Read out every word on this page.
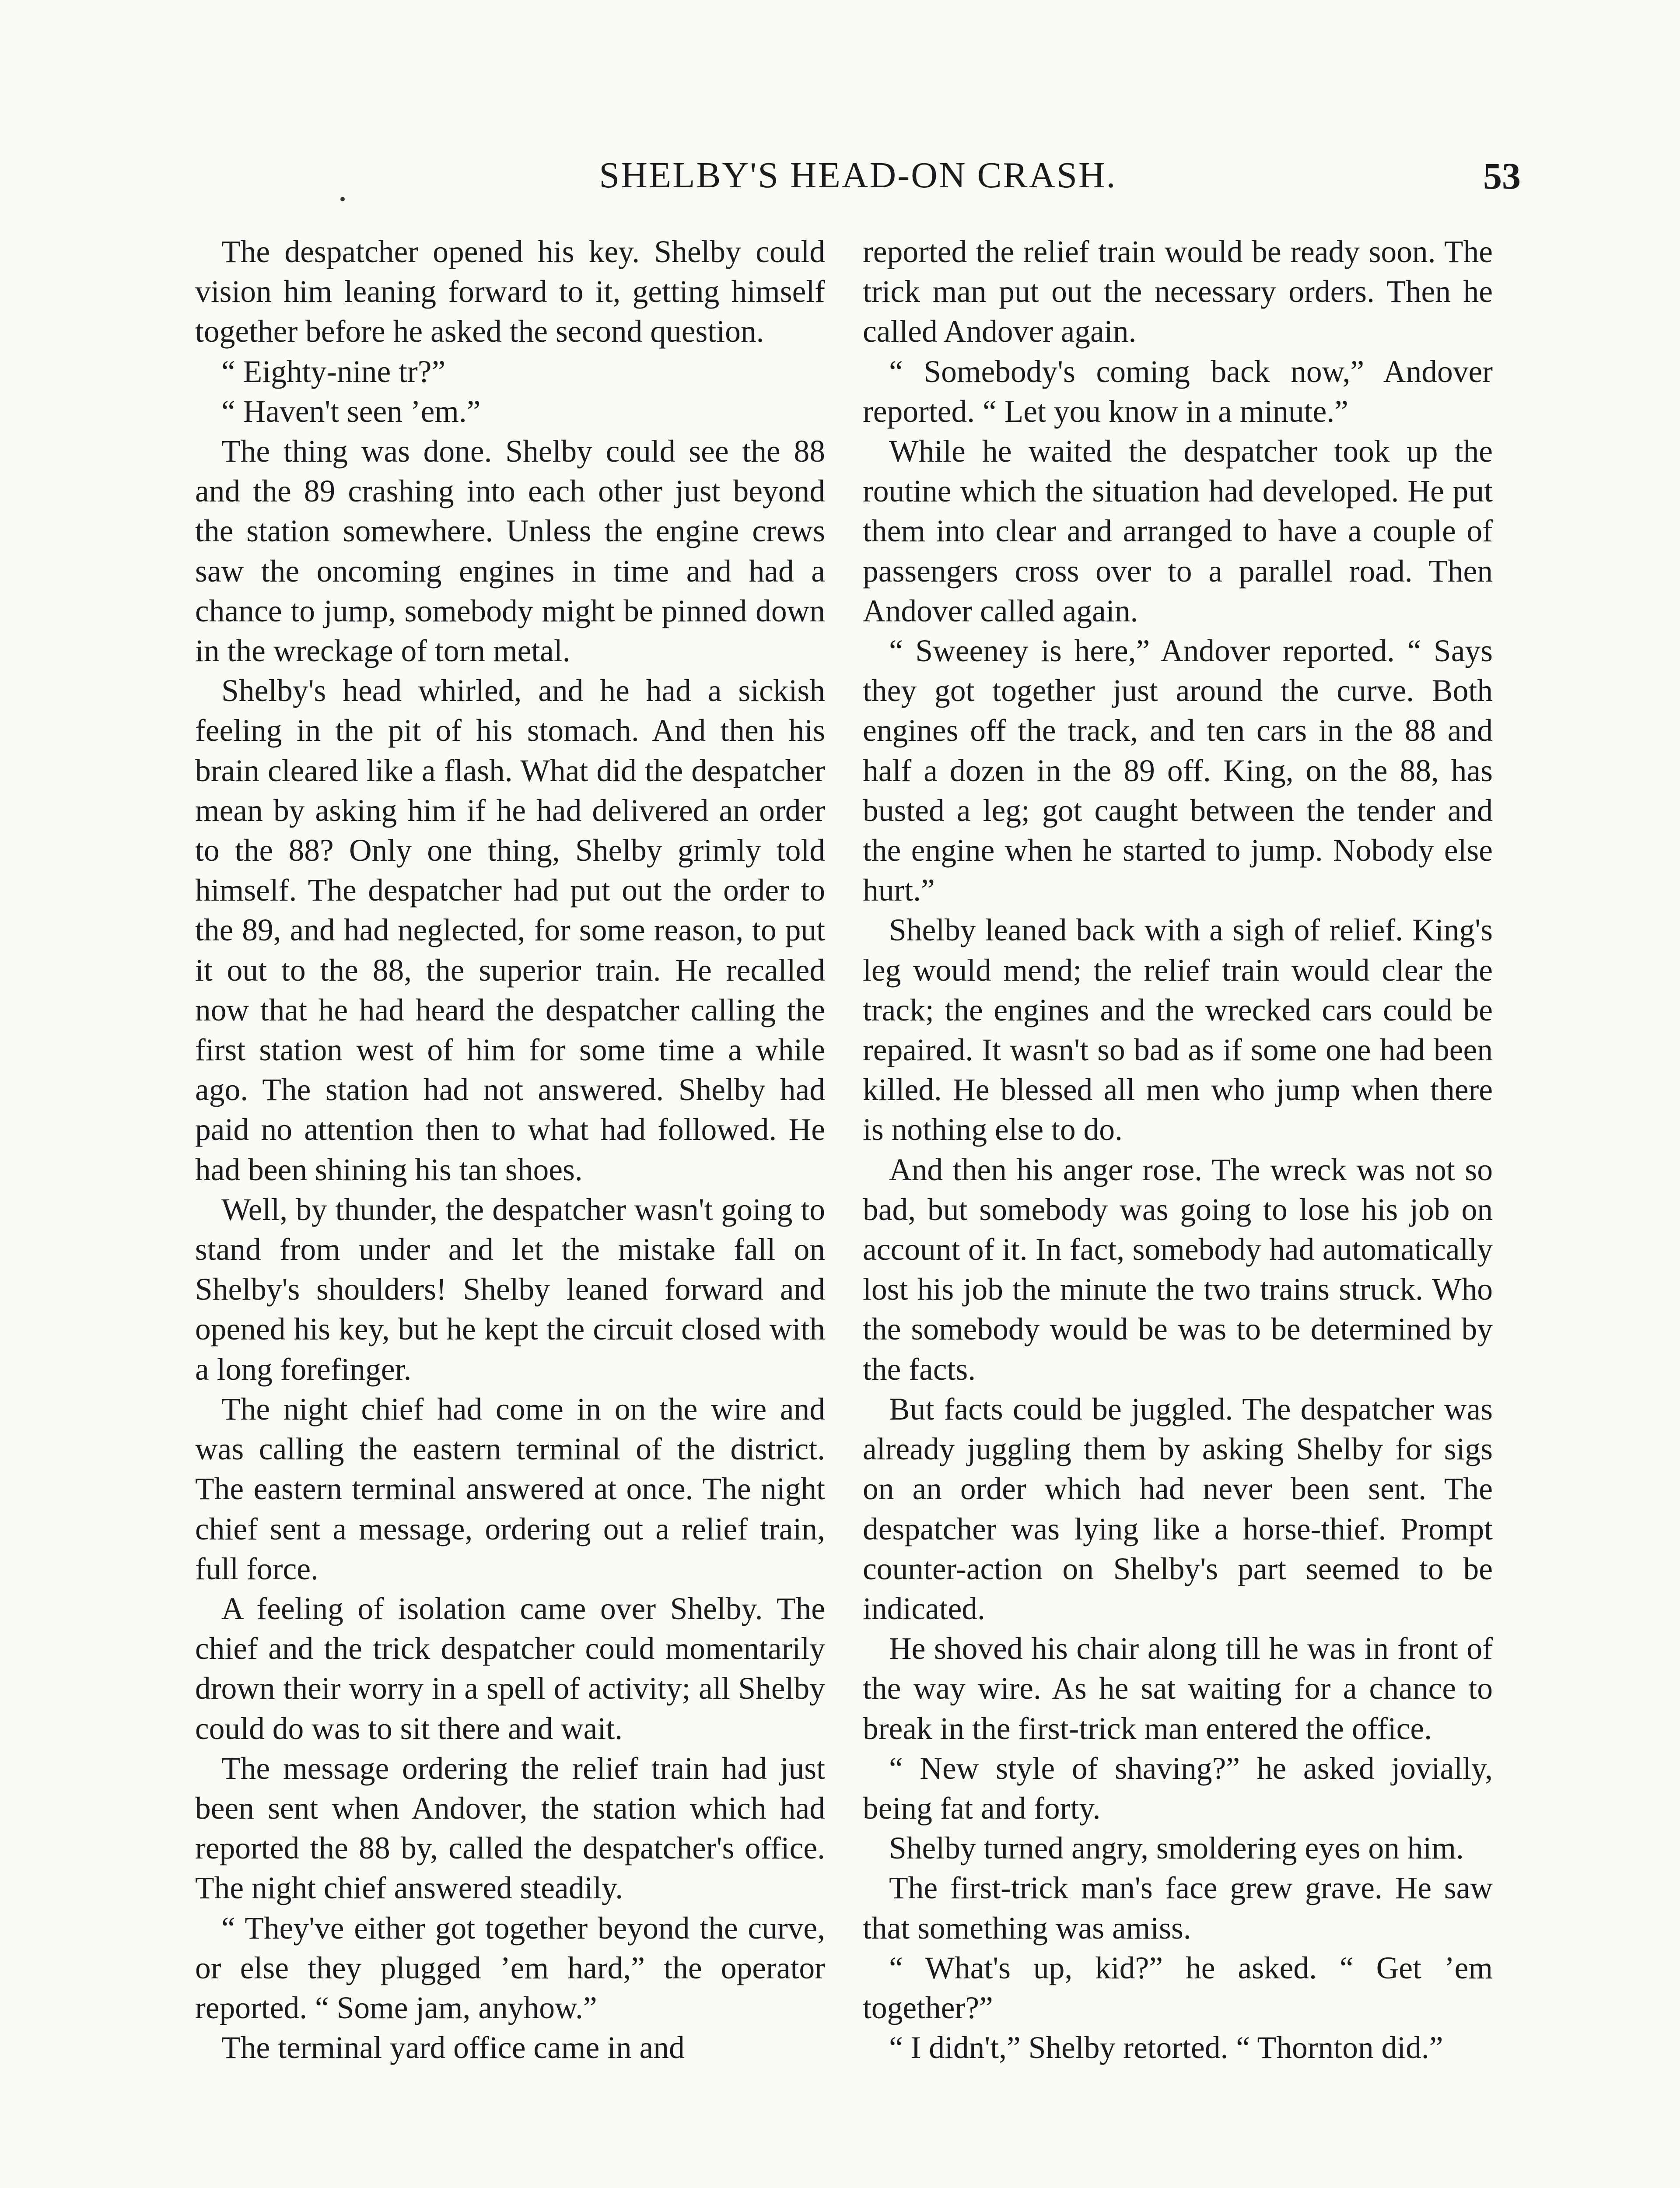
SHELBY'S HEAD-ON CRASH.	53

The despatcher opened his key. Shelby could vision him leaning forward to it, getting himself together before he asked the second question.

“ Eighty-nine tr?”

“ Haven't seen ’em.”

The thing was done. Shelby could see the 88 and the 89 crashing into each other just beyond the station somewhere. Unless the engine crews saw the oncoming engines in time and had a chance to jump, somebody might be pinned down in the wreckage of torn metal.

Shelby's head whirled, and he had a sickish feeling in the pit of his stomach. And then his brain cleared like a flash. What did the despatcher mean by asking him if he had delivered an order to the 88? Only one thing, Shelby grimly told himself. The despatcher had put out the order to the 89, and had neglected, for some reason, to put it out to the 88, the superior train. He recalled now that he had heard the despatcher calling the first station west of him for some time a while ago. The station had not answered. Shelby had paid no attention then to what had followed. He had been shining his tan shoes.

Well, by thunder, the despatcher wasn't going to stand from under and let the mistake fall on Shelby's shoulders! Shelby leaned forward and opened his key, but he kept the circuit closed with a long forefinger.

The night chief had come in on the wire and was calling the eastern terminal of the district. The eastern terminal answered at once. The night chief sent a message, ordering out a relief train, full force.

A feeling of isolation came over Shelby. The chief and the trick despatcher could momentarily drown their worry in a spell of activity; all Shelby could do was to sit there and wait.

The message ordering the relief train had just been sent when Andover, the station which had reported the 88 by, called the despatcher's office. The night chief answered steadily.

“ They've either got together beyond the curve, or else they plugged ’em hard,” the operator reported. “ Some jam, anyhow.”

The terminal yard office came in and

reported the relief train would be ready soon. The trick man put out the necessary orders. Then he called Andover again.

“ Somebody's coming back now,” Andover reported. “ Let you know in a minute.”

While he waited the despatcher took up the routine which the situation had developed. He put them into clear and arranged to have a couple of passengers cross over to a parallel road. Then Andover called again.

“ Sweeney is here,” Andover reported. “ Says they got together just around the curve. Both engines off the track, and ten cars in the 88 and half a dozen in the 89 off. King, on the 88, has busted a leg; got caught between the tender and the engine when he started to jump. Nobody else hurt.”

Shelby leaned back with a sigh of relief. King's leg would mend; the relief train would clear the track; the engines and the wrecked cars could be repaired. It wasn't so bad as if some one had been killed. He blessed all men who jump when there is nothing else to do.

And then his anger rose. The wreck was not so bad, but somebody was going to lose his job on account of it. In fact, somebody had automatically lost his job the minute the two trains struck. Who the somebody would be was to be determined by the facts.

But facts could be juggled. The despatcher was already juggling them by asking Shelby for sigs on an order which had never been sent. The despatcher was lying like a horse-thief. Prompt counter-action on Shelby's part seemed to be indicated.

He shoved his chair along till he was in front of the way wire. As he sat waiting for a chance to break in the first-trick man entered the office.

“ New style of shaving?” he asked jovially, being fat and forty.

Shelby turned angry, smoldering eyes on him.

The first-trick man's face grew grave. He saw that something was amiss.

“ What's up, kid?” he asked. “ Get ’em together?”

“ I didn't,” Shelby retorted. “ Thornton did.”
